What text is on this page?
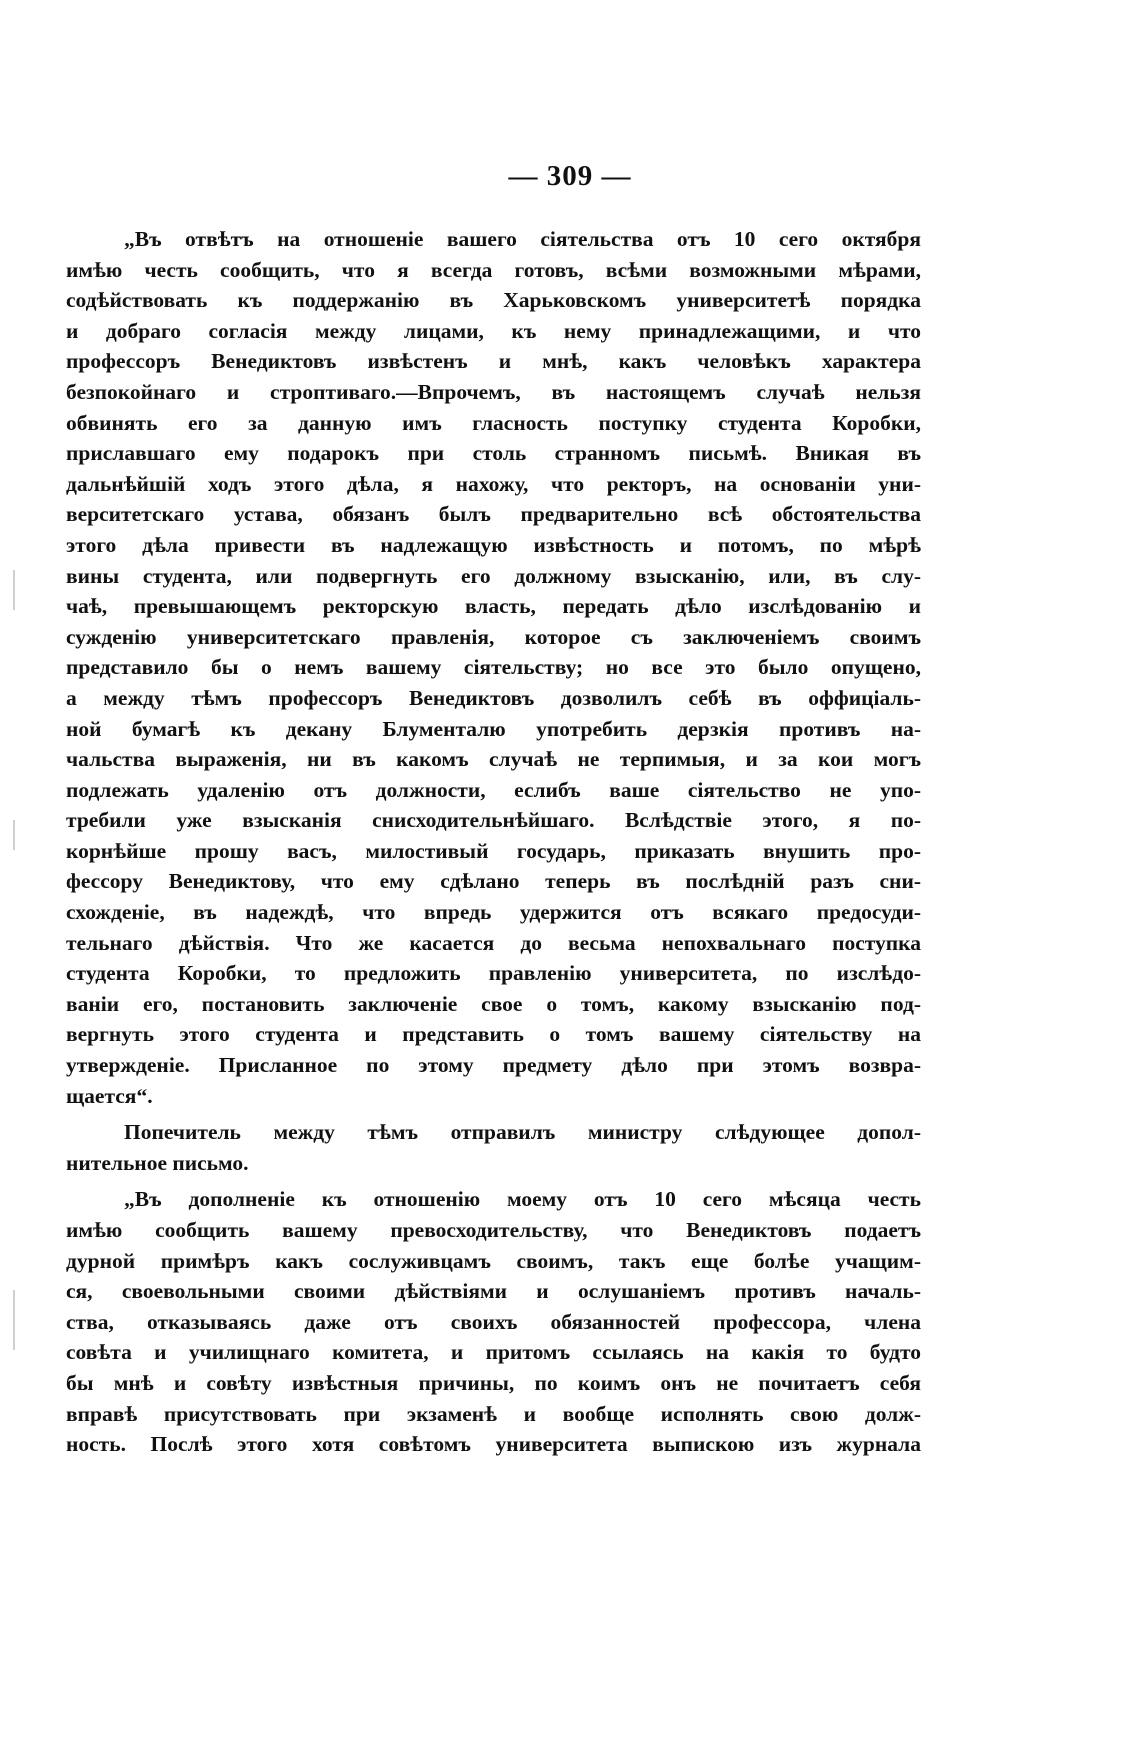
— 309 —

„Въ отвѣтъ на отношеніе вашего сіятельства отъ 10 сего октября
имѣю честь сообщить, что я всегда готовъ, всѣми возможными мѣрами,
содѣйствовать къ поддержанію въ Харьковскомъ университетѣ порядка
и добраго согласія между лицами, къ нему принадлежащими, и что
профессоръ Венедиктовъ извѣстенъ и мнѣ, какъ человѣкъ характера
безпокойнаго и строптиваго.—Впрочемъ, въ настоящемъ случаѣ нельзя
обвинять его за данную имъ гласность поступку студента Коробки,
приславшаго ему подарокъ при столь странномъ письмѣ. Вникая въ
дальнѣйшій ходъ этого дѣла, я нахожу, что ректоръ, на основаніи уни-
верситетскаго устава, обязанъ былъ предварительно всѣ обстоятельства
этого дѣла привести въ надлежащую извѣстность и потомъ, по мѣрѣ
вины студента, или подвергнуть его должному взысканію, или, въ слу-
чаѣ, превышающемъ ректорскую власть, передать дѣло изслѣдованію и
сужденію университетскаго правленія, которое съ заключеніемъ своимъ
представило бы о немъ вашему сіятельству; но все это было опущено,
а между тѣмъ профессоръ Венедиктовъ дозволилъ себѣ въ оффиціаль-
ной бумагѣ къ декану Блументалю употребить дерзкія противъ на-
чальства выраженія, ни въ какомъ случаѣ не терпимыя, и за кои могъ
подлежать удаленію отъ должности, еслибъ ваше сіятельство не упо-
требили уже взысканія снисходительнѣйшаго. Вслѣдствіе этого, я по-
корнѣйше прошу васъ, милостивый государь, приказать внушить про-
фессору Венедиктову, что ему сдѣлано теперь въ послѣдній разъ сни-
схожденіе, въ надеждѣ, что впредь удержится отъ всякаго предосуди-
тельнаго дѣйствія. Что же касается до весьма непохвальнаго поступка
студента Коробки, то предложить правленію университета, по изслѣдо-
ваніи его, постановить заключеніе свое о томъ, какому взысканію под-
вергнуть этого студента и представить о томъ вашему сіятельству на
утвержденіе. Присланное по этому предмету дѣло при этомъ возвра-
щается“.

Попечитель между тѣмъ отправилъ министру слѣдующее допол-
нительное письмо.

„Въ дополненіе къ отношенію моему отъ 10 сего мѣсяца честь
имѣю сообщить вашему превосходительству, что Венедиктовъ подаетъ
дурной примѣръ какъ сослуживцамъ своимъ, такъ еще болѣе учащим-
ся, своевольными своими дѣйствіями и ослушаніемъ противъ началь-
ства, отказываясь даже отъ своихъ обязанностей профессора, члена
совѣта и училищнаго комитета, и притомъ ссылаясь на какія то будто
бы мнѣ и совѣту извѣстныя причины, по коимъ онъ не почитаетъ себя
вправѣ присутствовать при экзаменѣ и вообще исполнять свою долж-
ность. Послѣ этого хотя совѣтомъ университета выпискою изъ журнала
